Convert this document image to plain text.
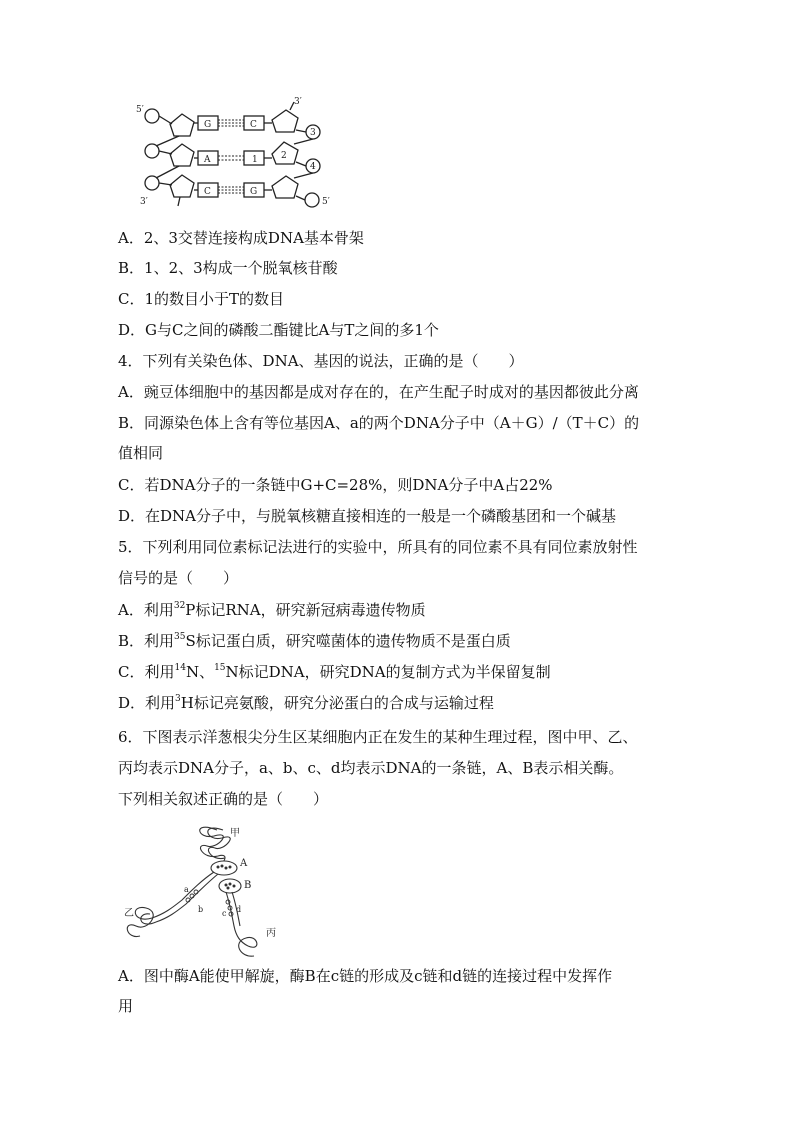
5′
3′
3′	5′
G	C
A	1
C	G
2
3
4
A．2、3交替连接构成DNA基本骨架
B．1、2、3构成一个脱氧核苷酸
C．1的数目小于T的数目
D．G与C之间的磷酸二酯键比A与T之间的多1个
4．下列有关染色体、DNA、基因的说法，正确的是（　　）
A．豌豆体细胞中的基因都是成对存在的，在产生配子时成对的基因都彼此分离
B．同源染色体上含有等位基因A、a的两个DNA分子中（A＋G）/（T＋C）的
值相同
C．若DNA分子的一条链中G+C=28%，则DNA分子中A占22%
D．在DNA分子中，与脱氧核糖直接相连的一般是一个磷酸基团和一个碱基
5．下列利用同位素标记法进行的实验中，所具有的同位素不具有同位素放射性
信号的是（　　）
A．利用$^{32}$P标记RNA，研究新冠病毒遗传物质
B．利用$^{35}$S标记蛋白质，研究噬菌体的遗传物质不是蛋白质
C．利用$^{14}$N、$^{15}$N标记DNA，研究DNA的复制方式为半保留复制
D．利用$^3$H标记亮氨酸，研究分泌蛋白的合成与运输过程
6．下图表示洋葱根尖分生区某细胞内正在发生的某种生理过程，图中甲、乙、
丙均表示DNA分子，a、b、c、d均表示DNA的一条链，A、B表示相关酶。
下列相关叙述正确的是（　　）
甲
A
B
a
b c d
乙
丙
A．图中酶A能使甲解旋，酶B在c链的形成及c链和d链的连接过程中发挥作
用
